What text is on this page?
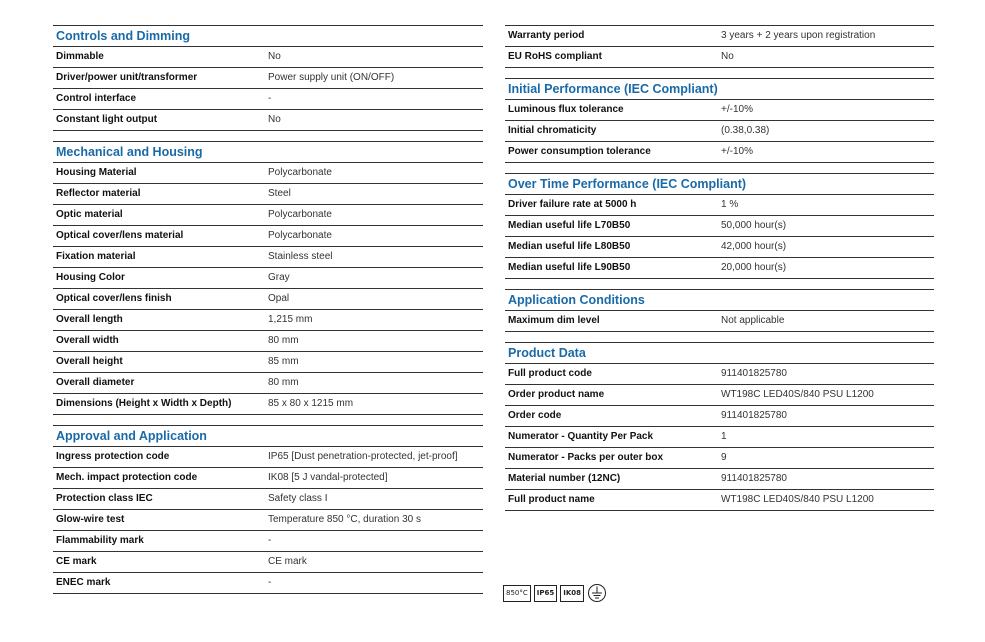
Controls and Dimming
Dimmable	No
Driver/power unit/transformer	Power supply unit (ON/OFF)
Control interface	-
Constant light output	No
Mechanical and Housing
Housing Material	Polycarbonate
Reflector material	Steel
Optic material	Polycarbonate
Optical cover/lens material	Polycarbonate
Fixation material	Stainless steel
Housing Color	Gray
Optical cover/lens finish	Opal
Overall length	1,215 mm
Overall width	80 mm
Overall height	85 mm
Overall diameter	80 mm
Dimensions (Height x Width x Depth)	85 x 80 x 1215 mm
Approval and Application
Ingress protection code	IP65 [Dust penetration-protected, jet-proof]
Mech. impact protection code	IK08 [5 J vandal-protected]
Protection class IEC	Safety class I
Glow-wire test	Temperature 850 °C, duration 30 s
Flammability mark	-
CE mark	CE mark
ENEC mark	-
Warranty period	3 years + 2 years upon registration
EU RoHS compliant	No
Initial Performance (IEC Compliant)
Luminous flux tolerance	+/-10%
Initial chromaticity	(0.38,0.38)
Power consumption tolerance	+/-10%
Over Time Performance (IEC Compliant)
Driver failure rate at 5000 h	1 %
Median useful life L70B50	50,000 hour(s)
Median useful life L80B50	42,000 hour(s)
Median useful life L90B50	20,000 hour(s)
Application Conditions
Maximum dim level	Not applicable
Product Data
Full product code	911401825780
Order product name	WT198C LED40S/840 PSU L1200
Order code	911401825780
Numerator - Quantity Per Pack	1
Numerator - Packs per outer box	9
Material number (12NC)	911401825780
Full product name	WT198C LED40S/840 PSU L1200
850°C	IP65	IK08
